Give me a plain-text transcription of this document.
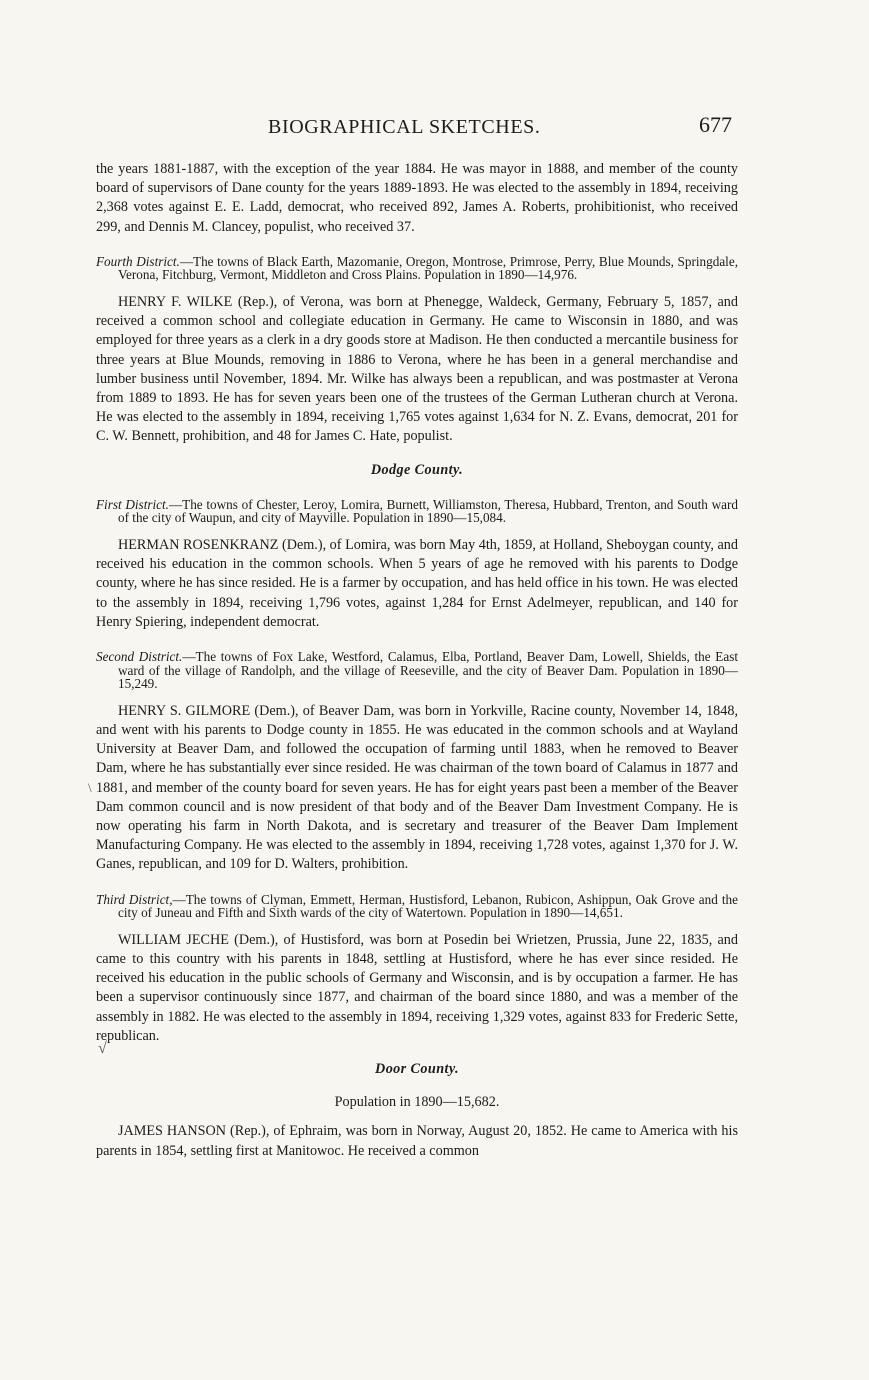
BIOGRAPHICAL SKETCHES.	677
\
√

the years 1881-1887, with the exception of the year 1884. He was mayor in 1888, and member of the county board of supervisors of Dane county for the years 1889-1893. He was elected to the assembly in 1894, receiving 2,368 votes against E. E. Ladd, democrat, who received 892, James A. Roberts, prohibitionist, who received 299, and Dennis M. Clancey, populist, who received 37.

Fourth District.—The towns of Black Earth, Mazomanie, Oregon, Montrose, Primrose, Perry, Blue Mounds, Springdale, Verona, Fitchburg, Vermont, Middleton and Cross Plains. Population in 1890—14,976.

HENRY F. WILKE (Rep.), of Verona, was born at Phenegge, Waldeck, Germany, February 5, 1857, and received a common school and collegiate education in Germany. He came to Wisconsin in 1880, and was employed for three years as a clerk in a dry goods store at Madison. He then conducted a mercantile business for three years at Blue Mounds, removing in 1886 to Verona, where he has been in a general merchandise and lumber business until November, 1894. Mr. Wilke has always been a republican, and was postmaster at Verona from 1889 to 1893. He has for seven years been one of the trustees of the German Lutheran church at Verona. He was elected to the assembly in 1894, receiving 1,765 votes against 1,634 for N. Z. Evans, democrat, 201 for C. W. Bennett, prohibition, and 48 for James C. Hate, populist.

Dodge County.

First District.—The towns of Chester, Leroy, Lomira, Burnett, Williamston, Theresa, Hubbard, Trenton, and South ward of the city of Waupun, and city of Mayville. Population in 1890—15,084.

HERMAN ROSENKRANZ (Dem.), of Lomira, was born May 4th, 1859, at Holland, Sheboygan county, and received his education in the common schools. When 5 years of age he removed with his parents to Dodge county, where he has since resided. He is a farmer by occupation, and has held office in his town. He was elected to the assembly in 1894, receiving 1,796 votes, against 1,284 for Ernst Adelmeyer, republican, and 140 for Henry Spiering, independent democrat.

Second District.—The towns of Fox Lake, Westford, Calamus, Elba, Portland, Beaver Dam, Lowell, Shields, the East ward of the village of Randolph, and the village of Reeseville, and the city of Beaver Dam. Population in 1890—15,249.

HENRY S. GILMORE (Dem.), of Beaver Dam, was born in Yorkville, Racine county, November 14, 1848, and went with his parents to Dodge county in 1855. He was educated in the common schools and at Wayland University at Beaver Dam, and followed the occupation of farming until 1883, when he removed to Beaver Dam, where he has substantially ever since resided. He was chairman of the town board of Calamus in 1877 and 1881, and member of the county board for seven years. He has for eight years past been a member of the Beaver Dam common council and is now president of that body and of the Beaver Dam Investment Company. He is now operating his farm in North Dakota, and is secretary and treasurer of the Beaver Dam Implement Manufacturing Company. He was elected to the assembly in 1894, receiving 1,728 votes, against 1,370 for J. W. Ganes, republican, and 109 for D. Walters, prohibition.

Third District,—The towns of Clyman, Emmett, Herman, Hustisford, Lebanon, Rubicon, Ashippun, Oak Grove and the city of Juneau and Fifth and Sixth wards of the city of Watertown. Population in 1890—14,651.

WILLIAM JECHE (Dem.), of Hustisford, was born at Posedin bei Wrietzen, Prussia, June 22, 1835, and came to this country with his parents in 1848, settling at Hustisford, where he has ever since resided. He received his education in the public schools of Germany and Wisconsin, and is by occupation a farmer. He has been a supervisor continuously since 1877, and chairman of the board since 1880, and was a member of the assembly in 1882. He was elected to the assembly in 1894, receiving 1,329 votes, against 833 for Frederic Sette, republican.

Door County.

Population in 1890—15,682.

JAMES HANSON (Rep.), of Ephraim, was born in Norway, August 20, 1852. He came to America with his parents in 1854, settling first at Manitowoc. He received a common
